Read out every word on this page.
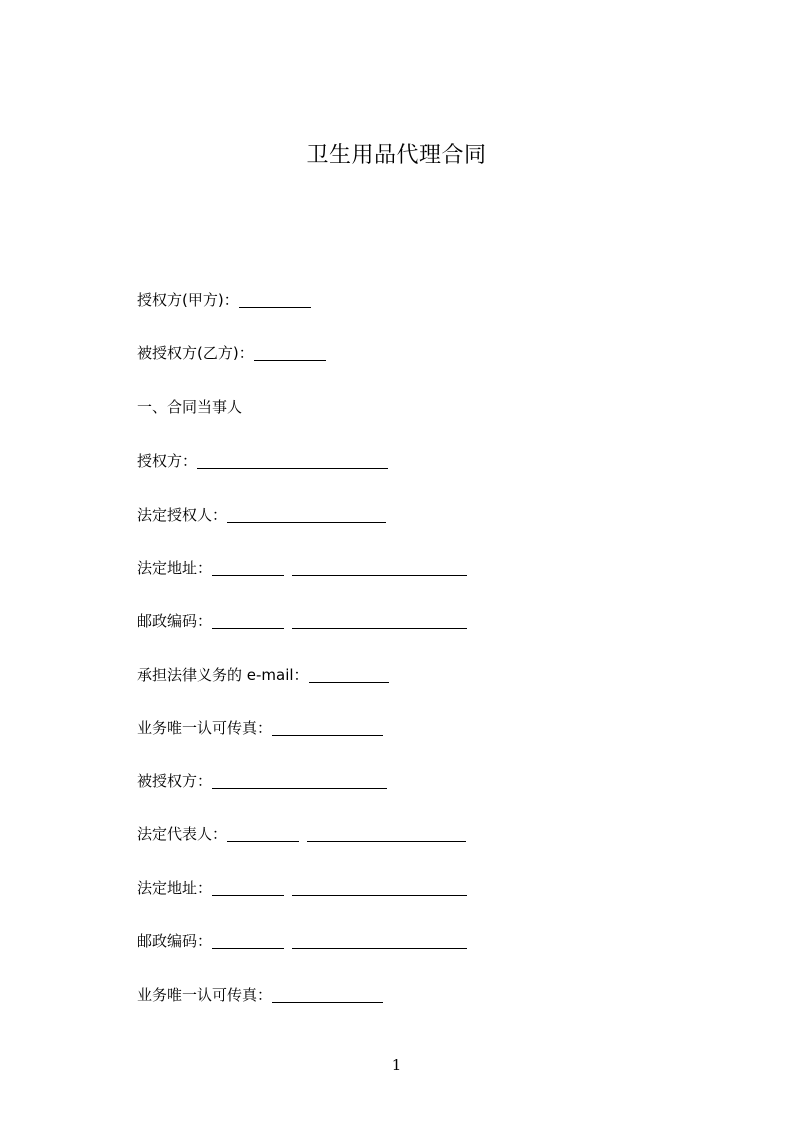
卫生用品代理合同
授权方(甲方)：
被授权方(乙方)：
一、合同当事人
授权方：
法定授权人：
法定地址：
邮政编码：
承担法律义务的 e-mail：
业务唯一认可传真：
被授权方：
法定代表人：
法定地址：
邮政编码：
业务唯一认可传真：
1
